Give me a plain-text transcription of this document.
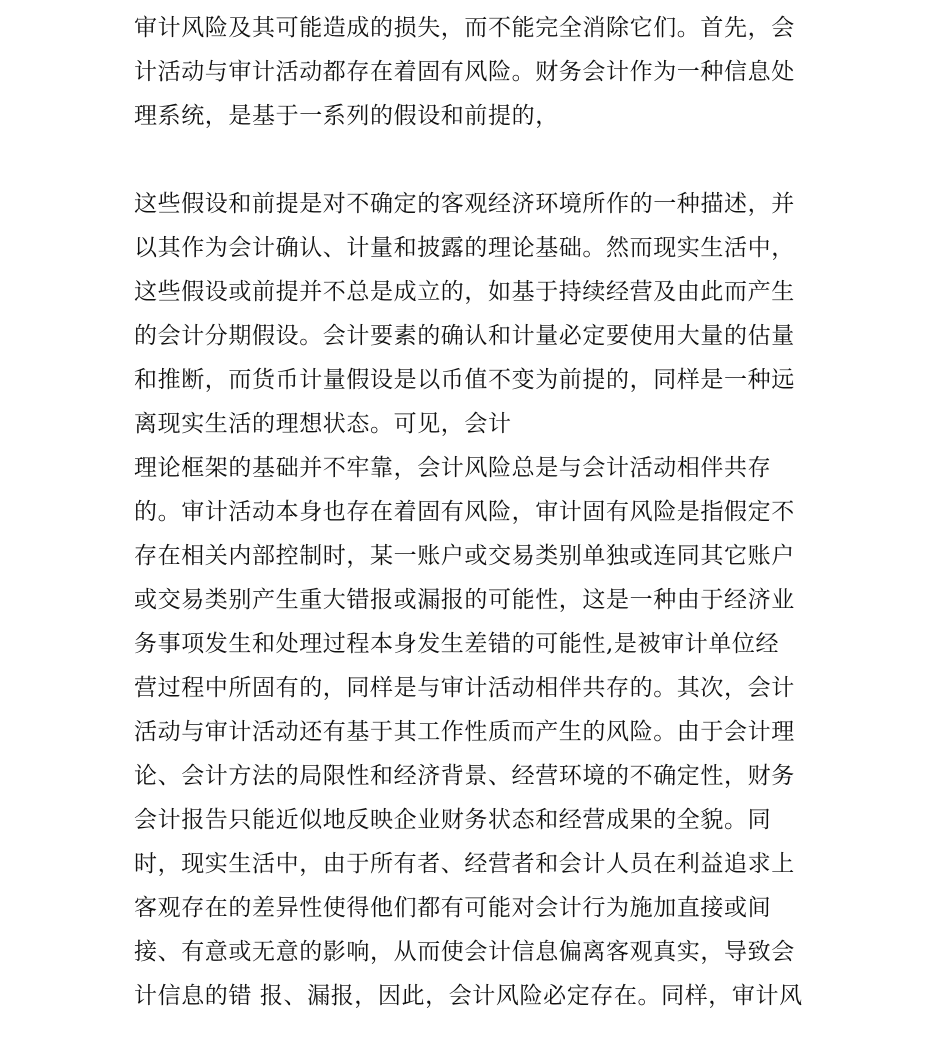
审计风险及其可能造成的损失，而不能完全消除它们。首先，会
计活动与审计活动都存在着固有风险。财务会计作为一种信息处
理系统，是基于一系列的假设和前提的，
这些假设和前提是对不确定的客观经济环境所作的一种描述，并
以其作为会计确认、计量和披露的理论基础。然而现实生活中，
这些假设或前提并不总是成立的，如基于持续经营及由此而产生
的会计分期假设。会计要素的确认和计量必定要使用大量的估量
和推断，而货币计量假设是以币值不变为前提的，同样是一种远
离现实生活的理想状态。可见，会计
理论框架的基础并不牢靠，会计风险总是与会计活动相伴共存
的。审计活动本身也存在着固有风险，审计固有风险是指假定不
存在相关内部控制时，某一账户或交易类别单独或连同其它账户
或交易类别产生重大错报或漏报的可能性，这是一种由于经济业
务事项发生和处理过程本身发生差错的可能性,是被审计单位经
营过程中所固有的，同样是与审计活动相伴共存的。其次，会计
活动与审计活动还有基于其工作性质而产生的风险。由于会计理
论、会计方法的局限性和经济背景、经营环境的不确定性，财务
会计报告只能近似地反映企业财务状态和经营成果的全貌。同
时，现实生活中，由于所有者、经营者和会计人员在利益追求上
客观存在的差异性使得他们都有可能对会计行为施加直接或间
接、有意或无意的影响，从而使会计信息偏离客观真实，导致会
计信息的错 报、漏报，因此，会计风险必定存在。同样，审计风
